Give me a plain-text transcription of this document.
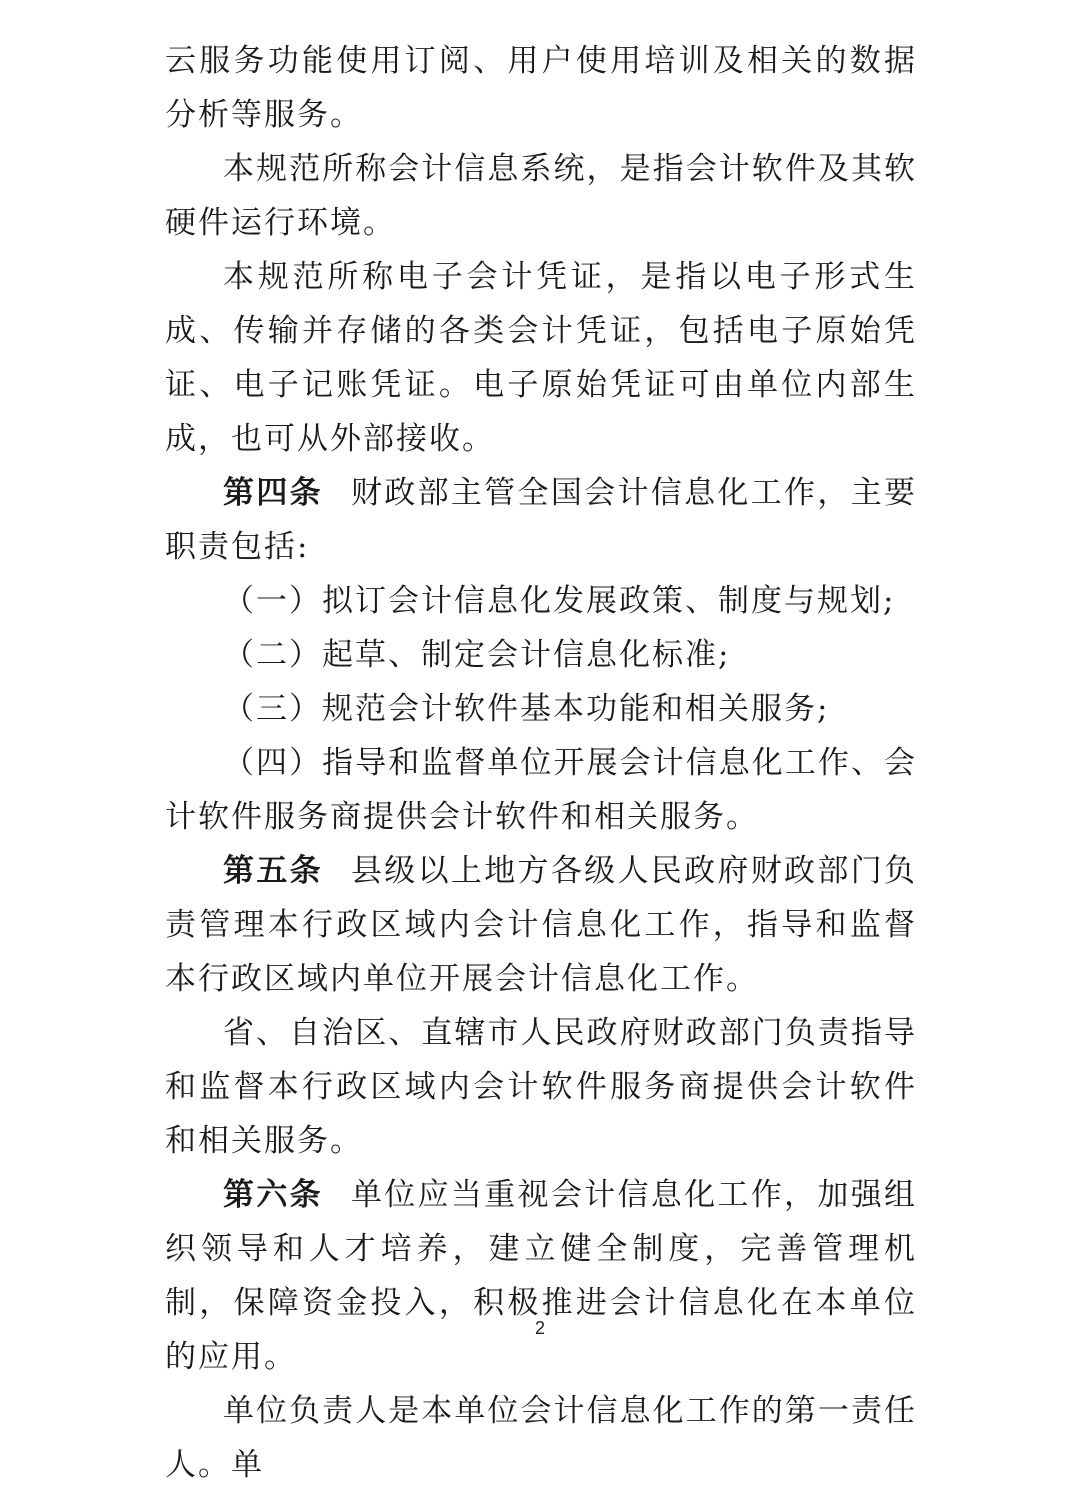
云服务功能使用订阅、用户使用培训及相关的数据分析等服务。

本规范所称会计信息系统，是指会计软件及其软硬件运行环境。

本规范所称电子会计凭证，是指以电子形式生成、传输并存储的各类会计凭证，包括电子原始凭证、电子记账凭证。电子原始凭证可由单位内部生成，也可从外部接收。

第四条 财政部主管全国会计信息化工作，主要职责包括:

（一）拟订会计信息化发展政策、制度与规划;

（二）起草、制定会计信息化标准;

（三）规范会计软件基本功能和相关服务;

（四）指导和监督单位开展会计信息化工作、会计软件服务商提供会计软件和相关服务。

第五条 县级以上地方各级人民政府财政部门负责管理本行政区域内会计信息化工作，指导和监督本行政区域内单位开展会计信息化工作。

省、自治区、直辖市人民政府财政部门负责指导和监督本行政区域内会计软件服务商提供会计软件和相关服务。

第六条 单位应当重视会计信息化工作，加强组织领导和人才培养，建立健全制度，完善管理机制，保障资金投入，积极推进会计信息化在本单位的应用。

单位负责人是本单位会计信息化工作的第一责任人。单

2
